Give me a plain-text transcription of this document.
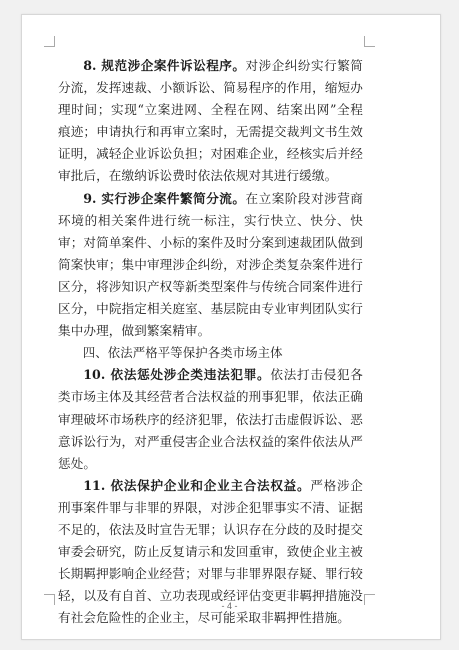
8. 规范涉企案件诉讼程序。对涉企纠纷实行繁简分流，发挥速裁、小额诉讼、简易程序的作用，缩短办理时间；实现“立案进网、全程在网、结案出网”全程痕迹；申请执行和再审立案时，无需提交裁判文书生效证明，减轻企业诉讼负担；对困难企业，经核实后并经审批后，在缴纳诉讼费时依法依规对其进行缓缴。

9. 实行涉企案件繁简分流。在立案阶段对涉营商环境的相关案件进行统一标注，实行快立、快分、快审；对简单案件、小标的案件及时分案到速裁团队做到简案快审；集中审理涉企纠纷，对涉企类复杂案件进行区分，将涉知识产权等新类型案件与传统合同案件进行区分，中院指定相关庭室、基层院由专业审判团队实行集中办理，做到繁案精审。

四、依法严格平等保护各类市场主体

10. 依法惩处涉企类违法犯罪。依法打击侵犯各类市场主体及其经营者合法权益的刑事犯罪，依法正确审理破坏市场秩序的经济犯罪，依法打击虚假诉讼、恶意诉讼行为，对严重侵害企业合法权益的案件依法从严惩处。

11. 依法保护企业和企业主合法权益。严格涉企刑事案件罪与非罪的界限，对涉企犯罪事实不清、证据不足的，依法及时宣告无罪；认识存在分歧的及时提交审委会研究，防止反复请示和发回重审，致使企业主被长期羁押影响企业经营；对罪与非罪界限存疑、罪行较轻，以及有自首、立功表现或经评估变更非羁押措施没有社会危险性的企业主，尽可能采取非羁押性措施。

- 4 -
